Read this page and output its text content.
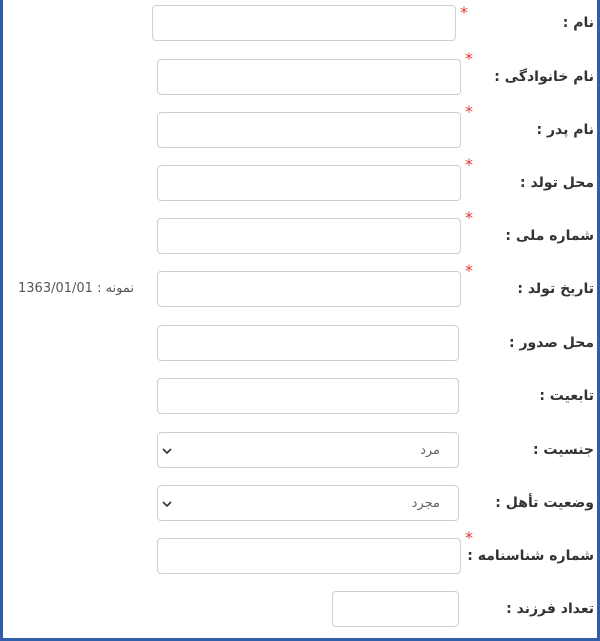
نام :
*
نام خانوادگی :
*
نام پدر :
*
محل تولد :
*
شماره ملی :
*
تاریخ تولد :
*
نمونه : 1363/01/01
محل صدور :
تابعیت :
جنسیت :
مرد
وضعیت تأهل :
مجرد
شماره شناسنامه :
*
تعداد فرزند :
